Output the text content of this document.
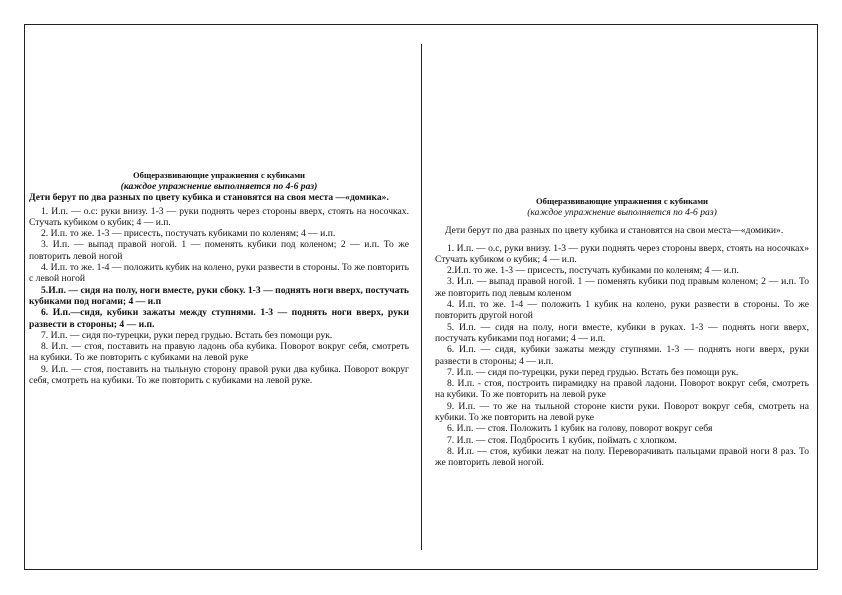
Общеразвивающие упражнения с кубиками
(каждое упражнение выполняется по 4-6 раз)
Дети берут по два разных по цвету кубика и становятся на своя места —«домика».
1. И.п. — о.с: руки внизу. 1-3 — руки поднять через стороны вверх, стоять на носочках. Стучать кубиком о кубик; 4 — и.п.
2. И.п. то же. 1-3 — присесть, постучать кубиками по коленям; 4 — и.п.
3. И.п. — выпад правой ногой. 1 — поменять кубики под коленом; 2 — и.п. То же повторить левой ногой
4. И.п. то же. 1-4 — положить кубик на колено, руки развести в стороны. То же повторить с левой ногой
5.И.п. — сидя на полу, ноги вместе, руки сбоку. 1-3 — поднять ноги вверх, постучать кубиками под ногами; 4 — и.п
6. И.п.—сидя, кубики зажаты между ступнями. 1-3 — поднять ноги вверх, руки развести в стороны; 4 — и.п.
7. И.п. — сидя по-турецки, руки перед грудью. Встать без помощи рук.
8. И.п. — стоя, поставить на правую ладонь оба кубика. Поворот вокруг себя, смотреть на кубики. То же повторить с кубиками на левой руке
9. И.п. — стоя, поставить на тыльную сторону правой руки два кубика. Поворот вокруг себя, смотреть на кубики. То же повторить с кубиками на левой руке.
Общеразвивающие упражнения с кубиками
(каждое упражнение выполняется по 4-6 раз)
Дети берут по два разных по цвету кубика и становятся на свои места—«домики».
1. И.п. — о.с, руки внизу. 1-3 — руки поднять через стороны вверх, стоять на носочках» Стучать кубиком о кубик; 4 — и.п.
2.И.п. то же. 1-3 — присесть, постучать кубиками по коленям; 4 — и.п.
3. И.п. — выпад правой ногой. 1 — поменять кубики под правым коленом; 2 — и.п. То же повторить под левым коленом
4. И.п. то же. 1-4 — положить 1 кубик на колено, руки развести в стороны. То же повторить другой ногой
5. И.п. — сидя на полу, ноги вместе, кубики в руках. 1-3 — поднять ноги вверх, постучать кубиками под ногами; 4 — и.п.
6. И.п. — сидя, кубики зажаты между ступнями. 1-3 — поднять ноги вверх, руки развести в стороны; 4 — и.п.
7. И.п. — сидя по-турецки, руки перед грудью. Встать без помощи рук.
8. И.п. - стоя, построить пирамидку на правой ладони. Поворот вокруг себя, смотреть на кубики. То же повторить на левой руке
9. И.п. — то же на тыльной стороне кисти руки. Поворот вокруг себя, смотреть на кубики. То же повторить на левой руке
6. И.п. — стоя. Положить 1 кубик на голову, поворот вокруг себя
7. И.п. — стоя. Подбросить 1 кубик, поймать с хлопком.
8. И.п. — стоя, кубики лежат на полу. Переворачивать пальцами правой ноги 8 раз. То же повторить левой ногой.
